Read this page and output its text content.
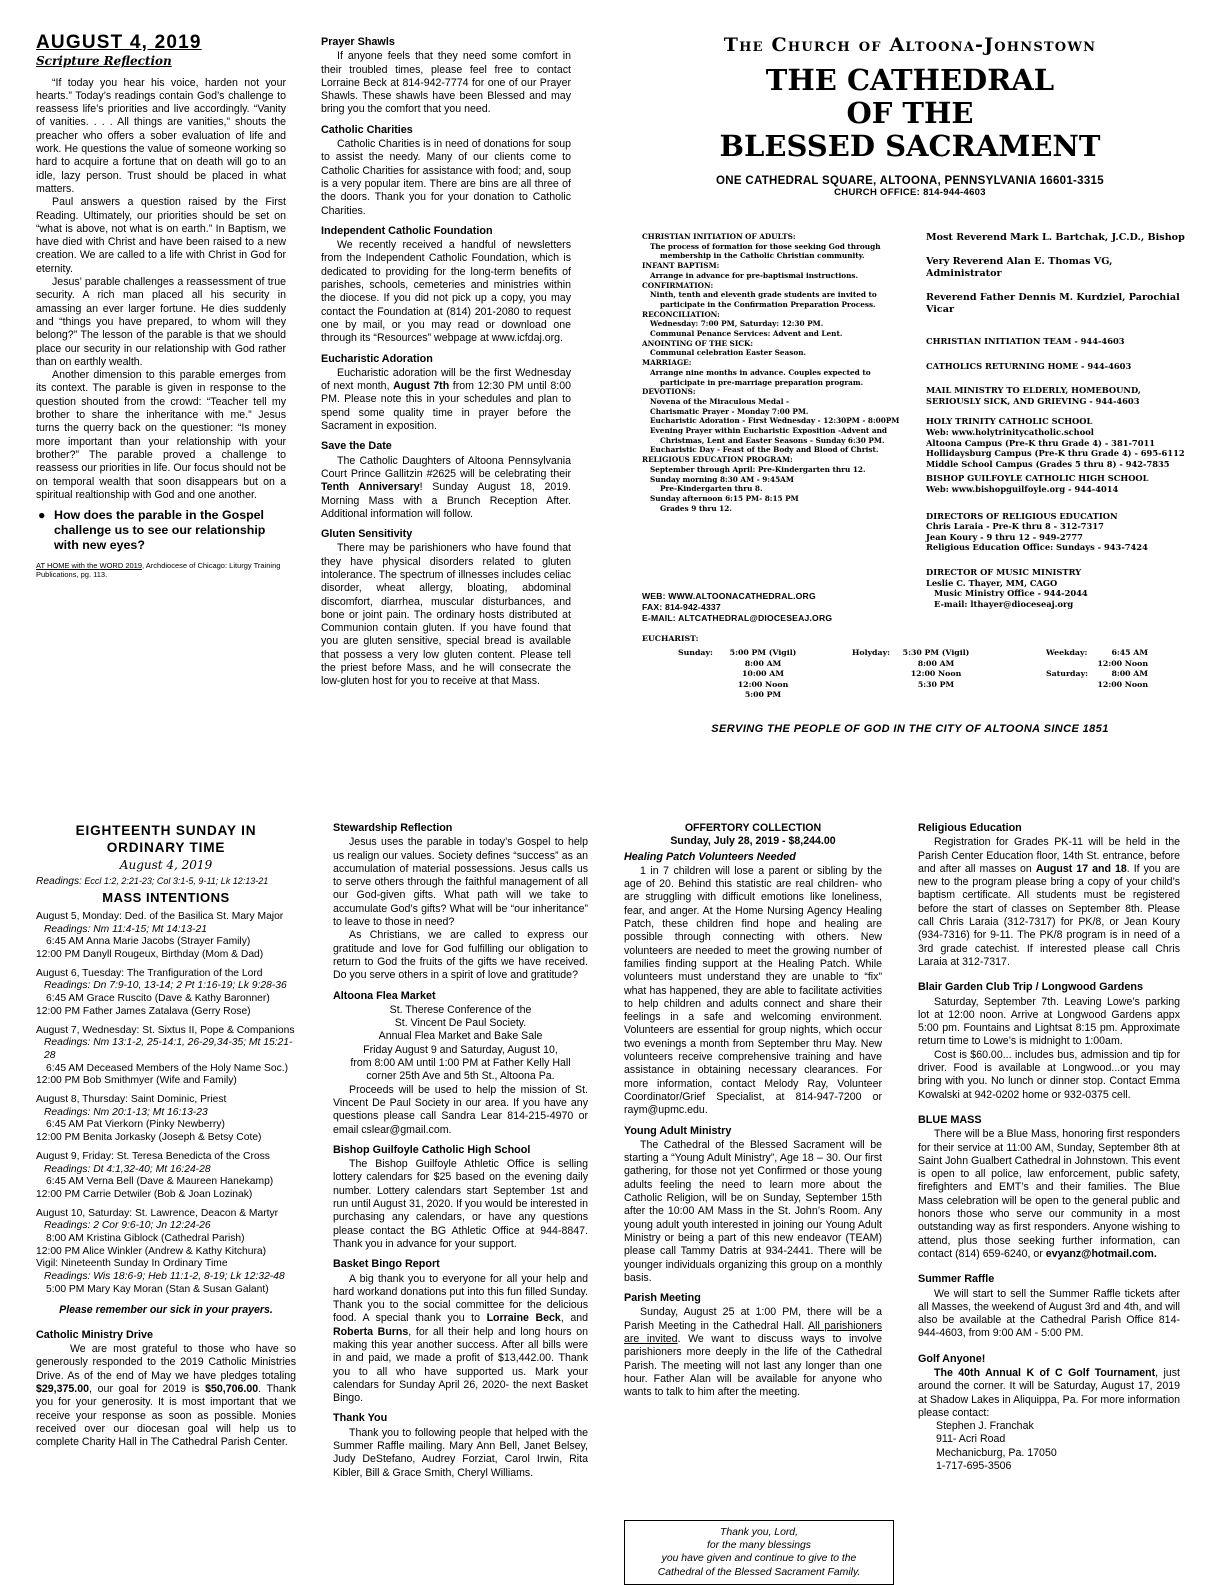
AUGUST 4, 2019
Scripture Reflection

“If today you hear his voice, harden not your hearts.” Today’s readings contain God’s challenge to reassess life’s priorities and live accordingly. “Vanity of vanities. . . . All things are vanities,” shouts the preacher who offers a sober evaluation of life and work. He questions the value of someone working so hard to acquire a fortune that on death will go to an idle, lazy person. Trust should be placed in what matters.

Paul answers a question raised by the First Reading. Ultimately, our priorities should be set on “what is above, not what is on earth.” In Baptism, we have died with Christ and have been raised to a new creation. We are called to a life with Christ in God for eternity.

Jesus’ parable challenges a reassessment of true security. A rich man placed all his security in amassing an ever larger fortune. He dies suddenly and “things you have prepared, to whom will they belong?” The lesson of the parable is that we should place our security in our relationship with God rather than on earthly wealth.

Another dimension to this parable emerges from its context. The parable is given in response to the question shouted from the crowd: “Teacher tell my brother to share the inheritance with me.” Jesus turns the querry back on the questioner: “Is money more important than your relationship with your brother?” The parable proved a challenge to reassess our priorities in life. Our focus should not be on temporal wealth that soon disappears but on a spiritual realtionship with God and one another.

● How does the parable in the Gospel challenge us to see our relationship with new eyes?
AT HOME with the WORD 2019, Archdiocese of Chicago: Liturgy Training Publications, pg. 113.
Prayer Shawls

If anyone feels that they need some comfort in their troubled times, please feel free to contact Lorraine Beck at 814-942-7774 for one of our Prayer Shawls. These shawls have been Blessed and may bring you the comfort that you need.

Catholic Charities

Catholic Charities is in need of donations for soup to assist the needy. Many of our clients come to Catholic Charities for assistance with food; and, soup is a very popular item. There are bins are all three of the doors. Thank you for your donation to Catholic Charities.

Independent Catholic Foundation

We recently received a handful of newsletters from the Independent Catholic Foundation, which is dedicated to providing for the long-term benefits of parishes, schools, cemeteries and ministries within the diocese. If you did not pick up a copy, you may contact the Foundation at (814) 201-2080 to request one by mail, or you may read or download one through its “Resources” webpage at www.icfdaj.org.

Eucharistic Adoration

Eucharistic adoration will be the first Wednesday of next month, August 7th from 12:30 PM until 8:00 PM. Please note this in your schedules and plan to spend some quality time in prayer before the Sacrament in exposition.

Save the Date

The Catholic Daughters of Altoona Pennsylvania Court Prince Gallitzin #2625 will be celebrating their Tenth Anniversary! Sunday August 18, 2019. Morning Mass with a Brunch Reception After. Additional information will follow.

Gluten Sensitivity

There may be parishioners who have found that they have physical disorders related to gluten intolerance. The spectrum of illnesses includes celiac disorder, wheat allergy, bloating, abdominal discomfort, diarrhea, muscular disturbances, and bone or joint pain. The ordinary hosts distributed at Communion contain gluten. If you have found that you are gluten sensitive, special bread is available that possess a very low gluten content. Please tell the priest before Mass, and he will consecrate the low-gluten host for you to receive at that Mass.

The Church of Altoona-Johnstown
THE CATHEDRAL
OF THE
BLESSED SACRAMENT
ONE CATHEDRAL SQUARE, ALTOONA, PENNSYLVANIA 16601-3315
CHURCH OFFICE: 814-944-4603
CHRISTIAN INITIATION OF ADULTS:
The process of formation for those seeking God through
membership in the Catholic Christian community.
INFANT BAPTISM:
Arrange in advance for pre-baptismal instructions.
CONFIRMATION:
Ninth, tenth and eleventh grade students are invited to
participate in the Confirmation Preparation Process.
RECONCILIATION:
Wednesday: 7:00 PM, Saturday: 12:30 PM.
Communal Penance Services: Advent and Lent.
ANOINTING OF THE SICK:
Communal celebration Easter Season.
MARRIAGE:
Arrange nine months in advance. Couples expected to
participate in pre-marriage preparation program.
DEVOTIONS:
Novena of the Miraculous Medal -
Charismatic Prayer - Monday 7:00 PM.
Eucharistic Adoration - First Wednesday - 12:30PM - 8:00PM
Evening Prayer within Eucharistic Exposition -Advent and
Christmas, Lent and Easter Seasons - Sunday 6:30 PM.
Eucharistic Day - Feast of the Body and Blood of Christ.
RELIGIOUS EDUCATION PROGRAM:
September through April: Pre-Kindergarten thru 12.
Sunday morning 8:30 AM - 9:45AM
Pre-Kindergarten thru 8.
Sunday afternoon 6:15 PM- 8:15 PM
Grades 9 thru 12.
WEB: WWW.ALTOONACATHEDRAL.ORG
FAX: 814-942-4337
E-MAIL: ALTCATHEDRAL@DIOCESEAJ.ORG
Most Reverend Mark L. Bartchak, J.C.D., Bishop
Very Reverend Alan E. Thomas VG, Administrator
Reverend Father Dennis M. Kurdziel, Parochial Vicar
CHRISTIAN INITIATION TEAM - 944-4603
CATHOLICS RETURNING HOME - 944-4603
MAIL MINISTRY TO ELDERLY, HOMEBOUND,
SERIOUSLY SICK, AND GRIEVING - 944-4603
HOLY TRINITY CATHOLIC SCHOOL
Web: www.holytrinitycatholic.school
Altoona Campus (Pre-K thru Grade 4) - 381-7011
Hollidaysburg Campus (Pre-K thru Grade 4) - 695-6112
Middle School Campus (Grades 5 thru 8) - 942-7835
BISHOP GUILFOYLE CATHOLIC HIGH SCHOOL
Web: www.bishopguilfoyle.org - 944-4014
DIRECTORS OF RELIGIOUS EDUCATION
Chris Laraia - Pre-K thru 8 - 312-7317
Jean Koury - 9 thru 12 - 949-2777
Religious Education Office: Sundays - 943-7424
DIRECTOR OF MUSIC MINISTRY
Leslie C. Thayer, MM, CAGO
Music Ministry Office - 944-2044
E-mail: lthayer@dioceseaj.org
EUCHARIST:
Sunday:	5:00 PM (Vigil)
8:00 AM
10:00 AM
12:00 Noon
5:00 PM
Holyday:	5:30 PM (Vigil)
8:00 AM
12:00 Noon
5:30 PM
Weekday:
Saturday:
6:45 AM
12:00 Noon
8:00 AM
12:00 Noon
SERVING THE PEOPLE OF GOD IN THE CITY OF ALTOONA SINCE 1851
EIGHTEENTH SUNDAY IN
ORDINARY TIME
August 4, 2019
Readings: Eccl 1:2, 2:21-23; Col 3:1-5, 9-11; Lk 12:13-21
MASS INTENTIONS
August 5, Monday: Ded. of the Basilica St. Mary Major
Readings: Nm 11:4-15; Mt 14:13-21
6:45 AM Anna Marie Jacobs (Strayer Family)
12:00 PM Danyll Rougeux, Birthday (Mom & Dad)
August 6, Tuesday: The Tranfiguration of the Lord
Readings: Dn 7:9-10, 13-14; 2 Pt 1:16-19; Lk 9:28-36
6:45 AM Grace Ruscito (Dave & Kathy Baronner)
12:00 PM Father James Zatalava (Gerry Rose)
August 7, Wednesday: St. Sixtus II, Pope & Companions
Readings: Nm 13:1-2, 25-14:1, 26-29,34-35; Mt 15:21-28
6:45 AM Deceased Members of the Holy Name Soc.)
12:00 PM Bob Smithmyer (Wife and Family)
August 8, Thursday: Saint Dominic, Priest
Readings: Nm 20:1-13; Mt 16:13-23
6:45 AM Pat Vierkorn (Pinky Newberry)
12:00 PM Benita Jorkasky (Joseph & Betsy Cote)
August 9, Friday: St. Teresa Benedicta of the Cross
Readings: Dt 4:1,32-40; Mt 16:24-28
6:45 AM Verna Bell (Dave & Maureen Hanekamp)
12:00 PM Carrie Detwiler (Bob & Joan Lozinak)
August 10, Saturday: St. Lawrence, Deacon & Martyr
Readings: 2 Cor 9:6-10; Jn 12:24-26
8:00 AM Kristina Giblock (Cathedral Parish)
12:00 PM Alice Winkler (Andrew & Kathy Kitchura)
Vigil: Nineteenth Sunday In Ordinary Time
Readings: Wis 18:6-9; Heb 11:1-2, 8-19; Lk 12:32-48
5:00 PM Mary Kay Moran (Stan & Susan Galant)
Please remember our sick in your prayers.
Catholic Ministry Drive

We are most grateful to those who have so generously responded to the 2019 Catholic Ministries Drive. As of the end of May we have pledges totaling $29,375.00, our goal for 2019 is $50,706.00. Thank you for your generosity. It is most important that we receive your response as soon as possible. Monies received over our diocesan goal will help us to complete Charity Hall in The Cathedral Parish Center.

Stewardship Reflection

Jesus uses the parable in today’s Gospel to help us realign our values. Society defines “success” as an accumulation of material possessions. Jesus calls us to serve others through the faithful management of all our God-given gifts. What path will we take to accumulate God’s gifts? What will be “our inheritance” to leave to those in need?

As Christians, we are called to express our gratitude and love for God fulfilling our obligation to return to God the fruits of the gifts we have received. Do you serve others in a spirit of love and gratitude?

Altoona Flea Market

St. Therese Conference of the

St. Vincent De Paul Society.

Annual Flea Market and Bake Sale

Friday August 9 and Saturday, August 10,

from 8:00 AM until 1:00 PM at Father Kelly Hall

corner 25th Ave and 5th St., Altoona Pa.

Proceeds will be used to help the mission of St. Vincent De Paul Society in our area. If you have any questions please call Sandra Lear 814-215-4970 or email cslear@gmail.com.

Bishop Guilfoyle Catholic High School

The Bishop Guilfoyle Athletic Office is selling lottery calendars for $25 based on the evening daily number. Lottery calendars start September 1st and run until August 31, 2020. If you would be interested in purchasing any calendars, or have any questions please contact the BG Athletic Office at 944-8847. Thank you in advance for your support.

Basket Bingo Report

A big thank you to everyone for all your help and hard workand donations put into this fun filled Sunday. Thank you to the social committee for the delicious food. A special thank you to Lorraine Beck, and Roberta Burns, for all their help and long hours on making this year another success. After all bills were in and paid, we made a profit of $13,442.00. Thank you to all who have supported us. Mark your calendars for Sunday April 26, 2020- the next Basket Bingo.

Thank You

Thank you to following people that helped with the Summer Raffle mailing. Mary Ann Bell, Janet Belsey, Judy DeStefano, Audrey Forziat, Carol Irwin, Rita Kibler, Bill & Grace Smith, Cheryl Williams.

OFFERTORY COLLECTION
Sunday, July 28, 2019 - $8,244.00
Healing Patch Volunteers Needed

1 in 7 children will lose a parent or sibling by the age of 20. Behind this statistic are real children- who are struggling with difficult emotions like loneliness, fear, and anger. At the Home Nursing Agency Healing Patch, these children find hope and healing are possible through connecting with others. New volunteers are needed to meet the growing number of families finding support at the Healing Patch. While volunteers must understand they are unable to “fix” what has happened, they are able to facilitate activities to help children and adults connect and share their feelings in a safe and welcoming environment. Volunteers are essential for group nights, which occur two evenings a month from September thru May. New volunteers receive comprehensive training and have assistance in obtaining necessary clearances. For more information, contact Melody Ray, Volunteer Coordinator/Grief Specialist, at 814-947-7200 or raym@upmc.edu.

Young Adult Ministry

The Cathedral of the Blessed Sacrament will be starting a “Young Adult Ministry”, Age 18 – 30. Our first gathering, for those not yet Confirmed or those young adults feeling the need to learn more about the Catholic Religion, will be on Sunday, September 15th after the 10:00 AM Mass in the St. John’s Room. Any young adult youth interested in joining our Young Adult Ministry or being a part of this new endeavor (TEAM) please call Tammy Datris at 934-2441. There will be younger individuals organizing this group on a monthly basis.

Parish Meeting

Sunday, August 25 at 1:00 PM, there will be a Parish Meeting in the Cathedral Hall. All parishioners are invited. We want to discuss ways to involve parishioners more deeply in the life of the Cathedral Parish. The meeting will not last any longer than one hour. Father Alan will be available for anyone who wants to talk to him after the meeting.

Thank you, Lord,
for the many blessings
you have given and continue to give to the
Cathedral of the Blessed Sacrament Family.
Religious Education

Registration for Grades PK-11 will be held in the Parish Center Education floor, 14th St. entrance, before and after all masses on August 17 and 18. If you are new to the program please bring a copy of your child’s baptism certificate. All students must be registered before the start of classes on September 8th. Please call Chris Laraia (312-7317) for PK/8, or Jean Koury (934-7316) for 9-11. The PK/8 program is in need of a 3rd grade catechist. If interested please call Chris Laraia at 312-7317.

Blair Garden Club Trip / Longwood Gardens

Saturday, September 7th. Leaving Lowe’s parking lot at 12:00 noon. Arrive at Longwood Gardens appx 5:00 pm. Fountains and Lightsat 8:15 pm. Approximate return time to Lowe’s is midnight to 1:00am.

Cost is $60.00... includes bus, admission and tip for driver. Food is available at Longwood...or you may bring with you. No lunch or dinner stop. Contact Emma Kowalski at 942-0202 home or 932-0375 cell.

BLUE MASS

There will be a Blue Mass, honoring first responders for their service at 11:00 AM, Sunday, September 8th at Saint John Gualbert Cathedral in Johnstown. This event is open to all police, law enforcement, public safety, firefighters and EMT’s and their families. The Blue Mass celebration will be open to the general public and honors those who serve our community in a most outstanding way as first responders. Anyone wishing to attend, plus those seeking further information, can contact (814) 659-6240, or evyanz@hotmail.com.

Summer Raffle

We will start to sell the Summer Raffle tickets after all Masses, the weekend of August 3rd and 4th, and will also be available at the Cathedral Parish Office 814-944-4603, from 9:00 AM - 5:00 PM.

Golf Anyone!

The 40th Annual K of C Golf Tournament, just around the corner. It will be Saturday, August 17, 2019 at Shadow Lakes in Aliquippa, Pa. For more information please contact:

Stephen J. Franchak
911- Acri Road
Mechanicburg, Pa. 17050
1-717-695-3506
